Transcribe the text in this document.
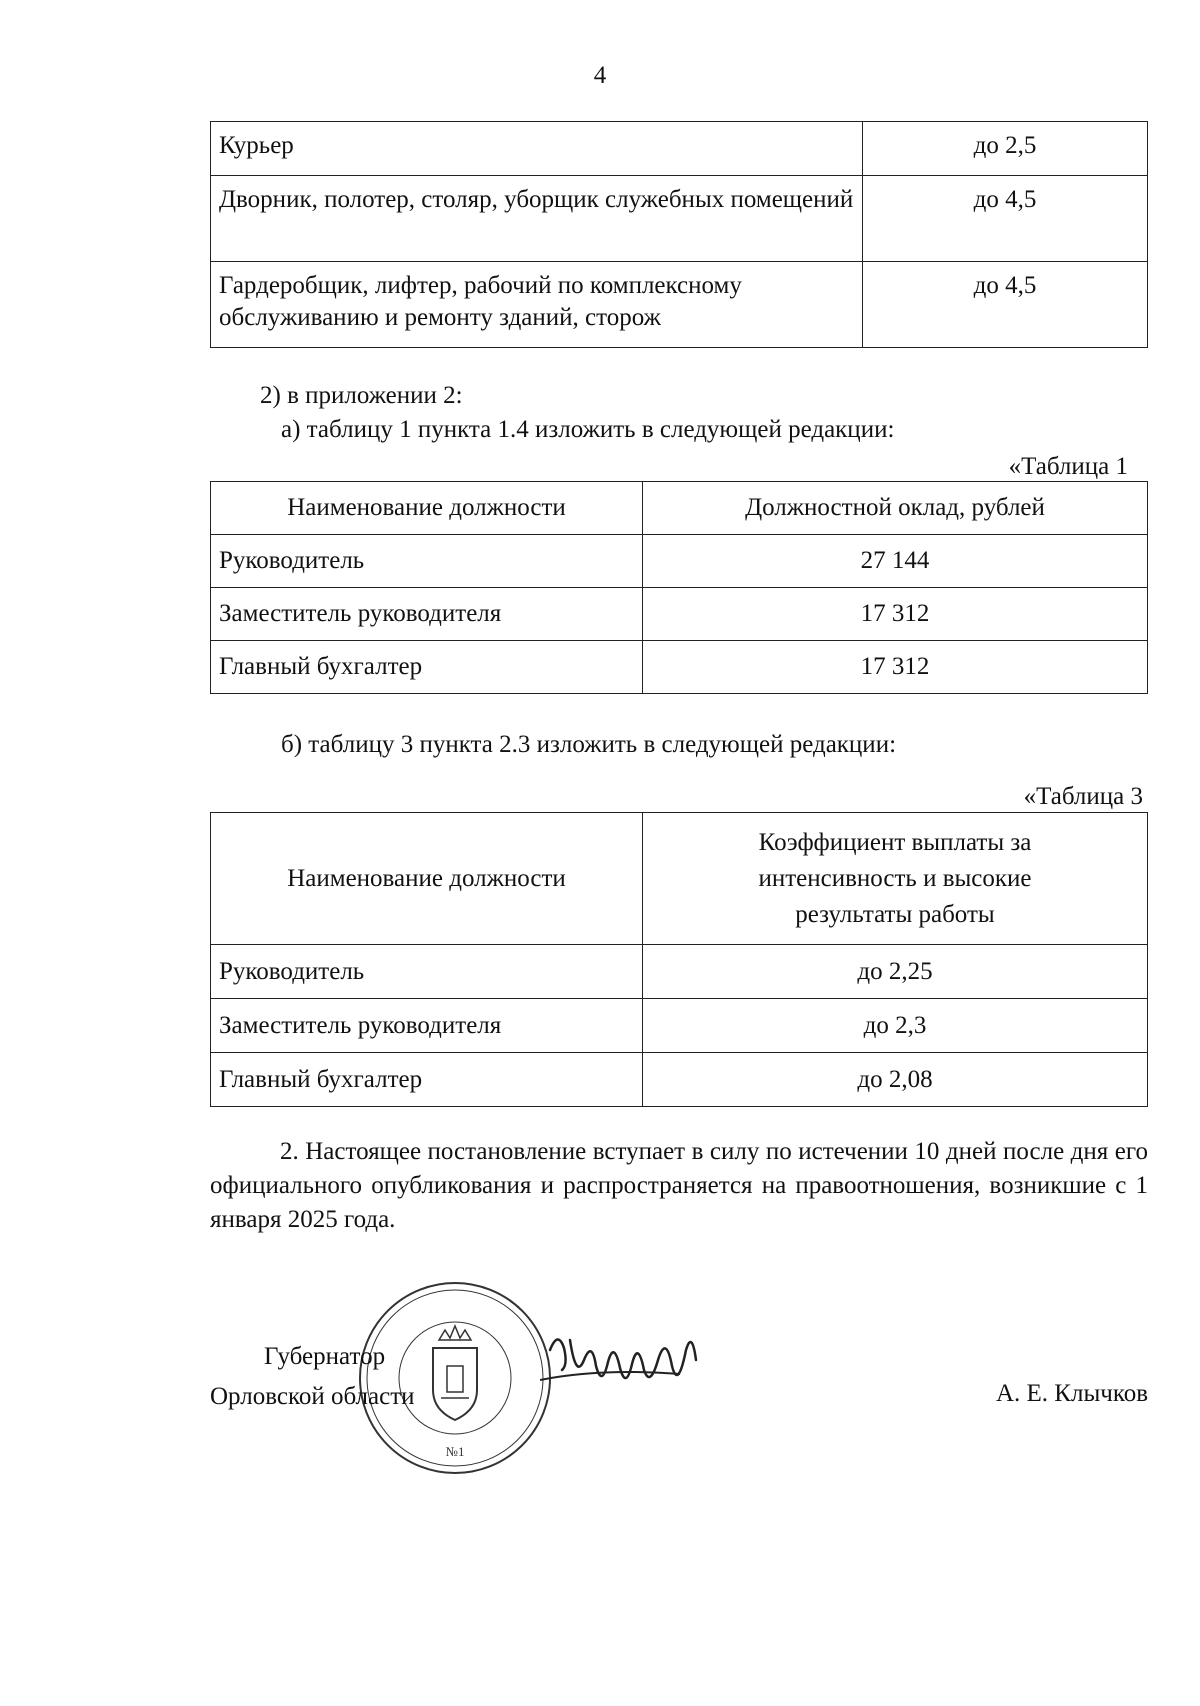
4
Курьер	до 2,5
Дворник, полотер, столяр, уборщик служебных помещений	до 4,5
Гардеробщик, лифтер, рабочий по комплексному обслуживанию и ремонту зданий, сторож	до 4,5
2) в приложении 2:
а) таблицу 1 пункта 1.4 изложить в следующей редакции:
«Таблица 1
Наименование должности	Должностной оклад, рублей
Руководитель	27 144
Заместитель руководителя	17 312
Главный бухгалтер	17 312
б) таблицу 3 пункта 2.3 изложить в следующей редакции:
«Таблица 3
Наименование должности	Коэффициент выплаты за интенсивность и высокие результаты работы

Руководитель	до 2,25
Заместитель руководителя	до 2,3
Главный бухгалтер	до 2,08
2. Настоящее постановление вступает в силу по истечении 10 дней после дня его официального опубликования и распространяется на правоотношения, возникшие с 1 января 2025 года.
№1
Губернатор
Орловской области	А. Е. Клычков
